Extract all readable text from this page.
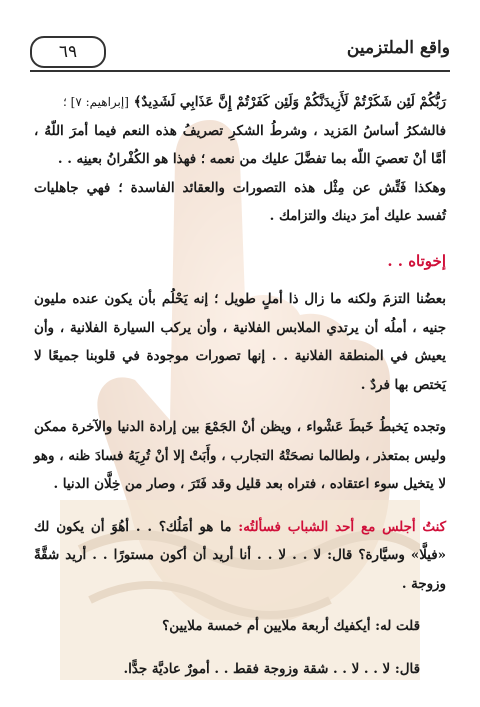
واقع الملتزمين
٦٩

رَبُّكُمْ لَئِن شَكَرْتُمْ لَأَزِيدَنَّكُمْ وَلَئِن كَفَرْتُمْ إِنَّ عَذَابِي لَشَدِيدٌ﴾ [إبراهيم: ٧] ؛

فالشكرُ أساسُ المَزيد ، وشرطُ الشكرِ تصريفُ هذه النعم فيما أمرَ اللّهُ ، أمَّا أنْ تعصيَ اللّه بما تفضَّلَ عليك من نعمه ؛ فهذا هو الكُفْرانُ بعينِه . .

وهكذا فَتِّش عن مِثْل هذه التصورات والعقائد الفاسدة ؛ فهي جاهليات تُفسد عليك أمرَ دينك والتزامك .

إخوتاه . .

بعضُنا التزمَ ولكنه ما زال ذا أملٍ طويل ؛ إنه يَحْلُم بأن يكون عنده مليون جنيه ، أملُه أن يرتدي الملابس الفلانية ، وأن يركب السيارة الفلانية ، وأن يعيش في المنطقة الفلانية . . إنها تصورات موجودة في قلوبنا جميعًا لا يَختص بها فردٌ .

وتجده يَخبطُ خَبطَ عَشْواء ، ويظن أنْ الجَمْعَ بين إرادة الدنيا والآخرة ممكن وليس بمتعذر ، ولطالما نصحَتْهُ التجارب ، وأَبَتْ إلا أنْ تُرِيَهُ فسادَ ظنه ، وهو لا يتخيل سوء اعتقاده ، فتراه بعد قليل وقد فَتَرَ ، وصار من خِلَّان الدنيا .

كنتُ أجلس مع أحد الشباب فسألتُه: ما هو أمَلُك؟ . . أهُوَ أن يكون لك «فيلَّا» وسيَّارة؟ قال: لا . . لا . . أنا أريد أن أكون مستورًا . . أريد شقَّةً وزوجة .

قلت له: أيكفيك أربعة ملايين أم خمسة ملايين؟

قال: لا . . لا . . شقة وزوجة فقط . . أمورٌ عاديَّة جدًّا.
